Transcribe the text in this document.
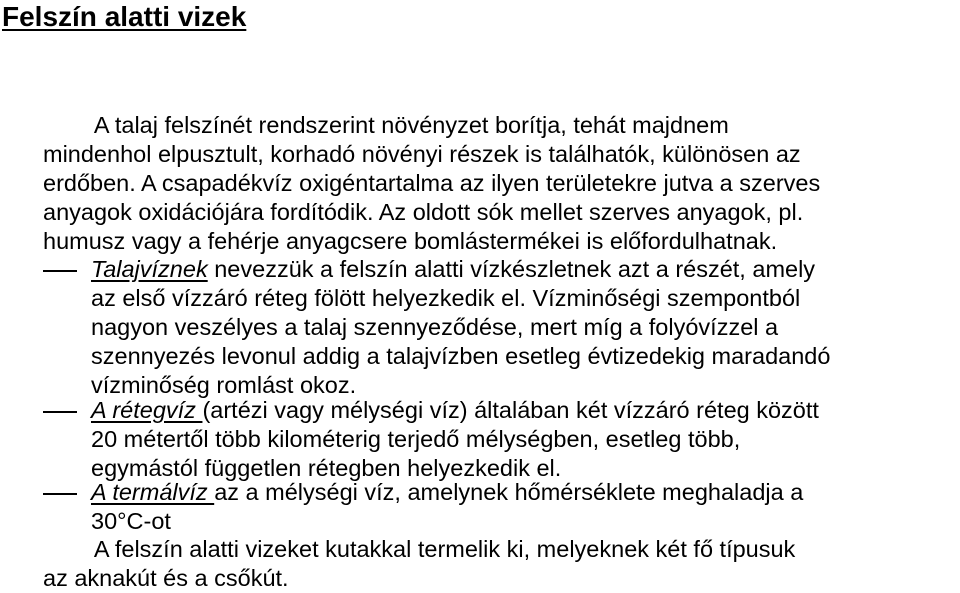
Felszín alatti vizek
A talaj felszínét rendszerint növényzet borítja, tehát majdnem
mindenhol elpusztult, korhadó növényi részek is találhatók, különösen az
erdőben. A csapadékvíz oxigéntartalma az ilyen területekre jutva a szerves
anyagok oxidációjára fordítódik. Az oldott sók mellet szerves anyagok, pl.
humusz vagy a fehérje anyagcsere bomlástermékei is előfordulhatnak.
Talajvíznek nevezzük a felszín alatti vízkészletnek azt a részét, amely
az első vízzáró réteg fölött helyezkedik el. Vízminőségi szempontból
nagyon veszélyes a talaj szennyeződése, mert míg a folyóvízzel a
szennyezés levonul addig a talajvízben esetleg évtizedekig maradandó
vízminőség romlást okoz.
A rétegvíz (artézi vagy mélységi víz) általában két vízzáró réteg között
20 métertől több kilométerig terjedő mélységben, esetleg több,
egymástól független rétegben helyezkedik el.
A termálvíz az a mélységi víz, amelynek hőmérséklete meghaladja a
30°C-ot
A felszín alatti vizeket kutakkal termelik ki, melyeknek két fő típusuk
az aknakút és a csőkút.
